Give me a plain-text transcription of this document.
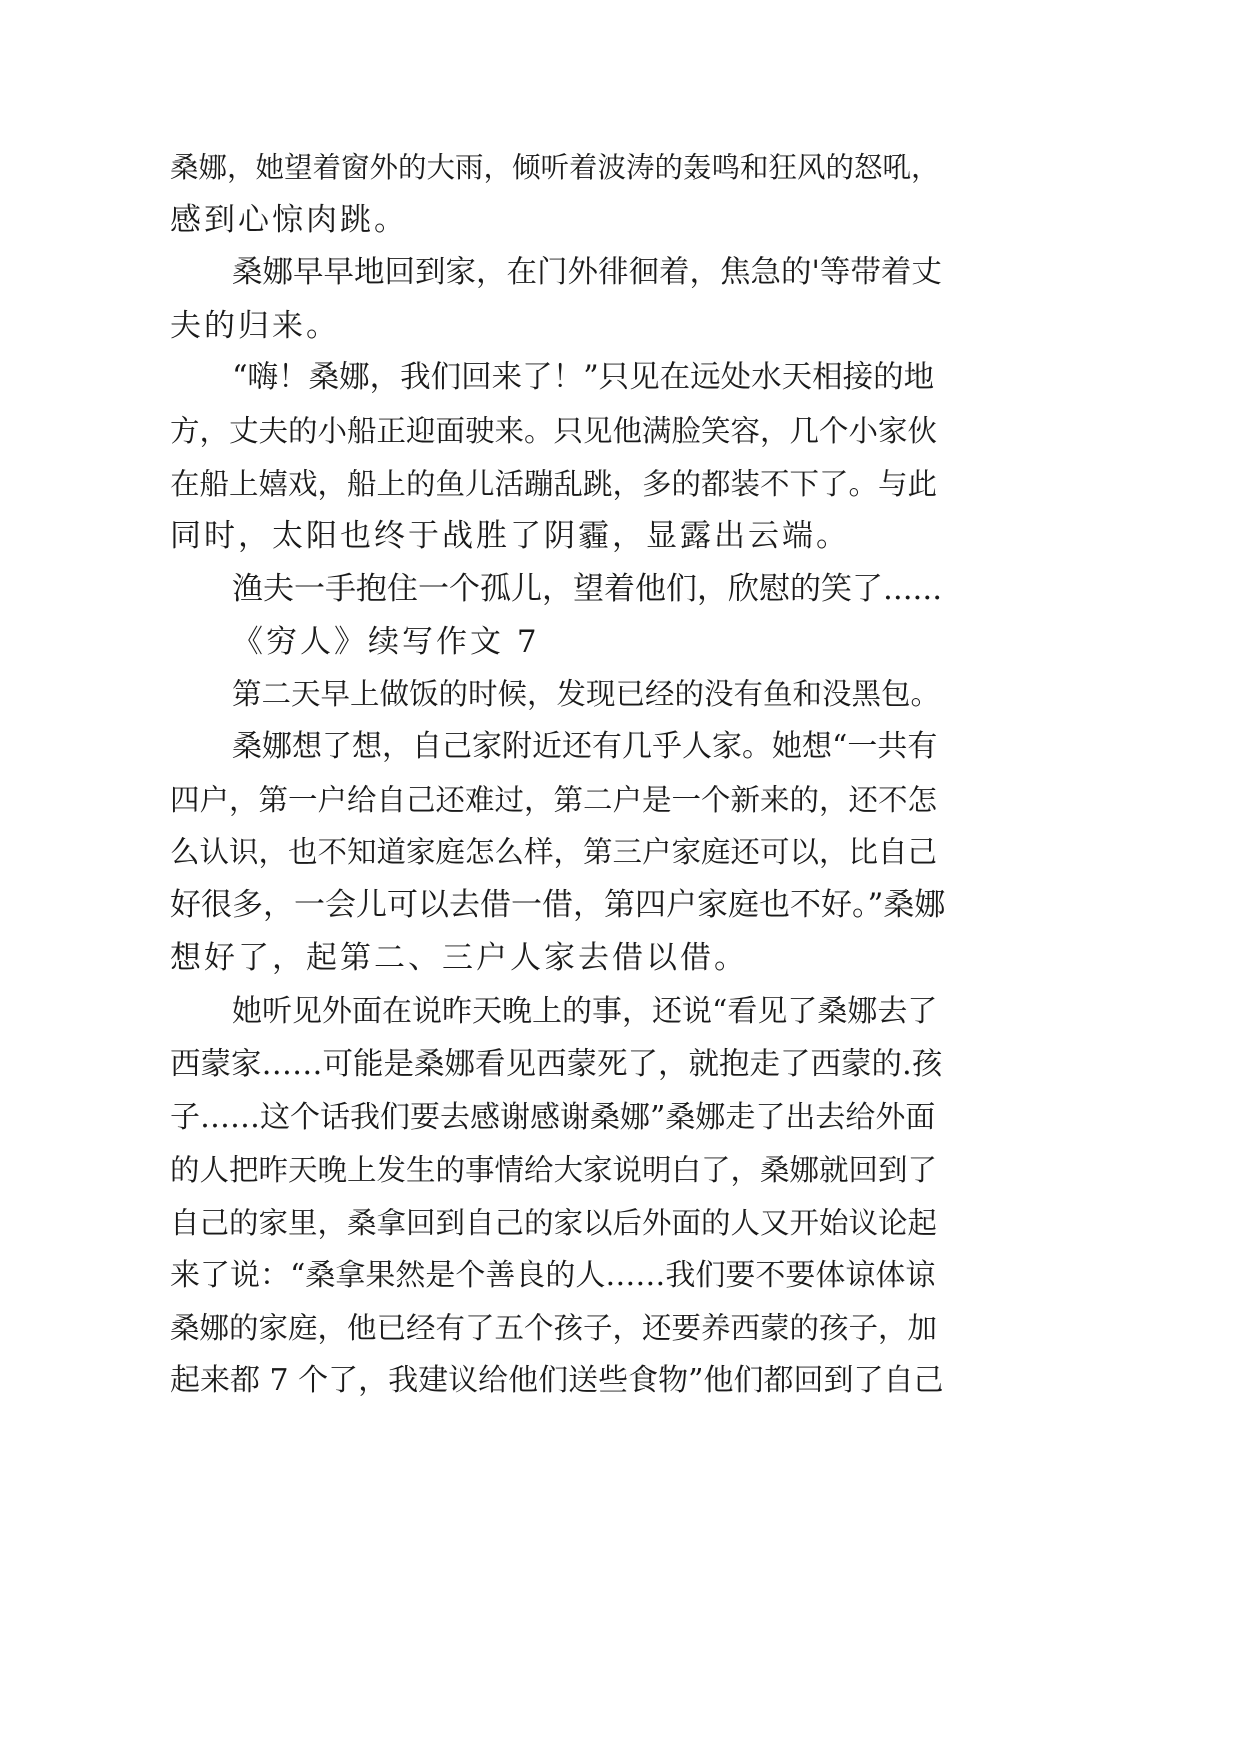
桑娜，她望着窗外的大雨，倾听着波涛的轰鸣和狂风的怒吼，
感到心惊肉跳。
桑娜早早地回到家，在门外徘徊着，焦急的'等带着丈
夫的归来。
“嗨！桑娜，我们回来了！”只见在远处水天相接的地
方，丈夫的小船正迎面驶来。只见他满脸笑容，几个小家伙
在船上嬉戏，船上的鱼儿活蹦乱跳，多的都装不下了。与此
同时，太阳也终于战胜了阴霾，显露出云端。
渔夫一手抱住一个孤儿，望着他们，欣慰的笑了......
《穷人》续写作文 7
第二天早上做饭的时候，发现已经的没有鱼和没黑包。
桑娜想了想，自己家附近还有几乎人家。她想“一共有
四户，第一户给自己还难过，第二户是一个新来的，还不怎
么认识，也不知道家庭怎么样，第三户家庭还可以，比自己
好很多，一会儿可以去借一借，第四户家庭也不好。”桑娜
想好了，起第二、三户人家去借以借。
她听见外面在说昨天晚上的事，还说“看见了桑娜去了
西蒙家……可能是桑娜看见西蒙死了，就抱走了西蒙的.孩
子……这个话我们要去感谢感谢桑娜”桑娜走了出去给外面
的人把昨天晚上发生的事情给大家说明白了，桑娜就回到了
自己的家里，桑拿回到自己的家以后外面的人又开始议论起
来了说：“桑拿果然是个善良的人……我们要不要体谅体谅
桑娜的家庭，他已经有了五个孩子，还要养西蒙的孩子，加
起来都 7 个了，我建议给他们送些食物”他们都回到了自己
